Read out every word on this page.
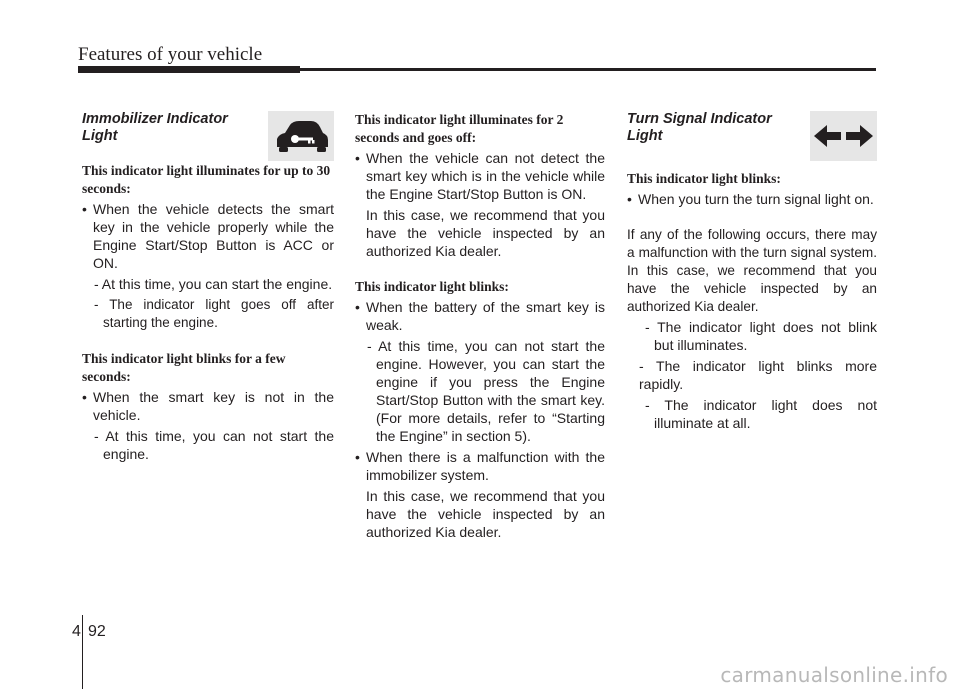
Features of your vehicle
Immobilizer Indicator Light

This indicator light illuminates for up to 30 seconds:

• When the vehicle detects the smart key in the vehicle properly while the Engine Start/Stop Button is ACC or ON.

- At this time, you can start the engine.

- The indicator light goes off after starting the engine.

This indicator light blinks for a few seconds:

• When the smart key is not in the vehicle.

- At this time, you can not start the engine.

This indicator light illuminates for 2 seconds and goes off:

• When the vehicle can not detect the smart key which is in the vehicle while the Engine Start/Stop Button is ON.

In this case, we recommend that you have the vehicle inspected by an authorized Kia dealer.

This indicator light blinks:

• When the battery of the smart key is weak.

- At this time, you can not start the engine. However, you can start the engine if you press the Engine Start/Stop Button with the smart key. (For more details, refer to “Starting the Engine” in section 5).

• When there is a malfunction with the immobilizer system.

In this case, we recommend that you have the vehicle inspected by an authorized Kia dealer.

Turn Signal Indicator Light

This indicator light blinks:

• When you turn the turn signal light on.

If any of the following occurs, there may a malfunction with the turn signal system. In this case, we recommend that you have the vehicle inspected by an authorized Kia dealer.

- The indicator light does not blink but illuminates.

- The indicator light blinks more rapidly.

- The indicator light does not illuminate at all.

4 92
carmanualsonline.info
